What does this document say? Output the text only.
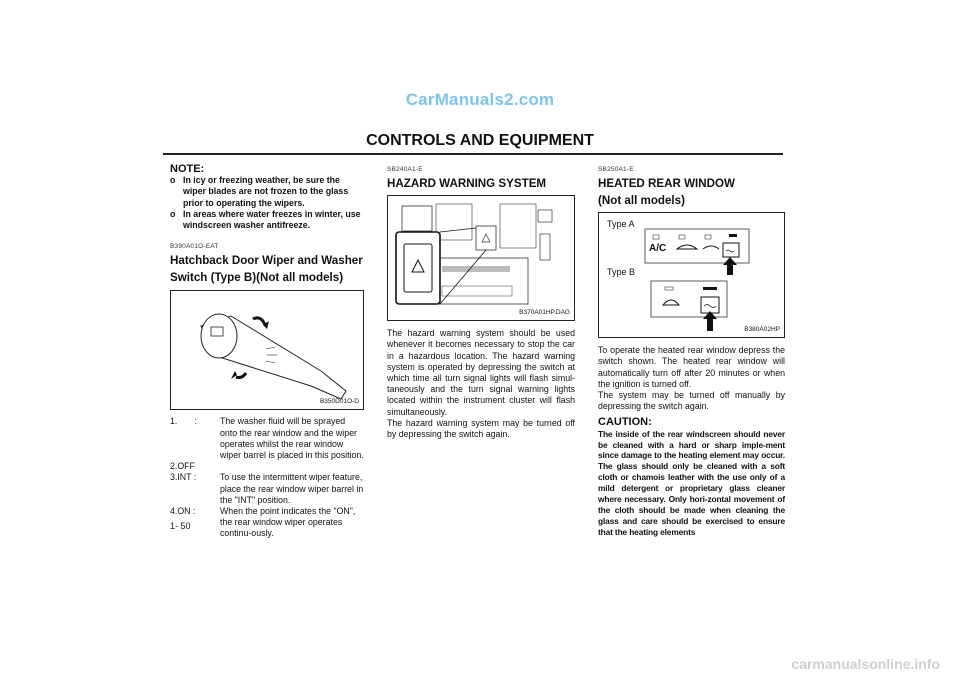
CarManuals2.com
CONTROLS AND EQUIPMENT
NOTE:
o In icy or freezing weather, be sure the wiper blades are not frozen to the glass prior to operating the wipers.
o In areas where water freezes in winter, use windscreen washer antifreeze.
B390A01O-EAT
Hatchback Door Wiper and Washer
Switch (Type B)(Not all models)
B350D01O-D
1.       :	The washer fluid will be sprayed onto the rear window and the wiper operates whilst the rear window wiper barrel is placed in this position.
2.OFF
3.INT :	To use the intermittent wiper feature, place the rear window wiper barrel in the "INT" position.
4.ON :	When the point indicates the "ON", the rear window wiper operates continu-ously.
1- 50
SB240A1-E
HAZARD WARNING SYSTEM
B370A01HP.DAG
The hazard warning system should be used whenever it becomes necessary to stop the car in a hazardous location. The hazard warning system is operated by depressing the switch at which time all turn signal lights will flash simul-taneously and the turn signal warning lights located within the instrument cluster will flash simultaneously.
The hazard warning system may be turned off by depressing the switch again.
SB250A1-E
HEATED REAR WINDOW
(Not all models)
Type A
Type B
A/C
B380A02HP
To operate the heated rear window depress the switch shown. The heated rear window will automatically turn off after 20 minutes or when the ignition is turned off.
The system may be turned off manually by depressing the switch again.
CAUTION:
The inside of the rear windscreen should never be cleaned with a hard or sharp imple-ment since damage to the heating element may occur. The glass should only be cleaned with a soft cloth or chamois leather with the use only of a mild detergent or proprietary glass cleaner where necessary. Only hori-zontal movement of the cloth should be made when cleaning the glass and care should be exercised to ensure that the heating elements
carmanualsonline.info
